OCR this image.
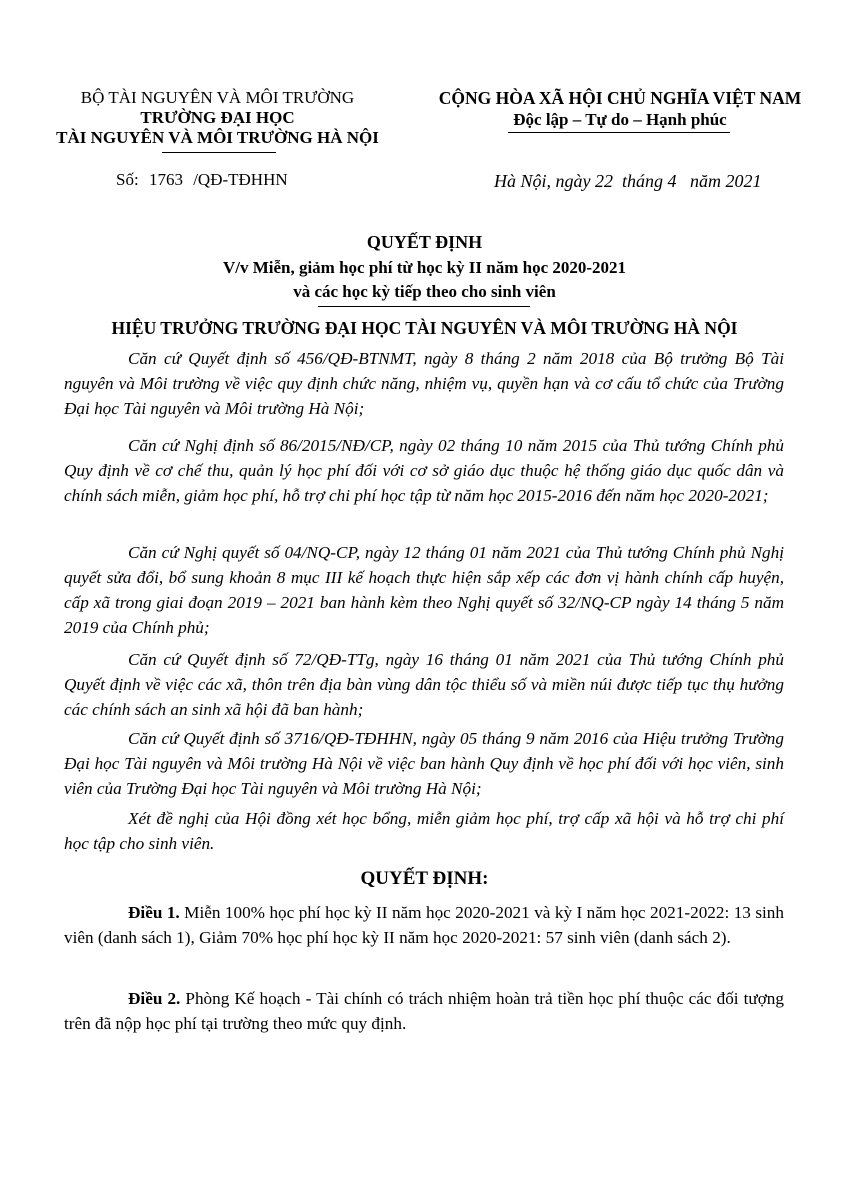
BỘ TÀI NGUYÊN VÀ MÔI TRƯỜNG
TRƯỜNG ĐẠI HỌC
TÀI NGUYÊN VÀ MÔI TRƯỜNG HÀ NỘI
CỘNG HÒA XÃ HỘI CHỦ NGHĨA VIỆT NAM
Độc lập – Tự do – Hạnh phúc
Số: 1763 /QĐ-TĐHHN	Hà Nội, ngày 22  tháng 4   năm 2021
QUYẾT ĐỊNH
V/v Miễn, giảm học phí từ học kỳ II năm học 2020-2021
và các học kỳ tiếp theo cho sinh viên
HIỆU TRƯỞNG TRƯỜNG ĐẠI HỌC TÀI NGUYÊN VÀ MÔI TRƯỜNG HÀ NỘI
Căn cứ Quyết định số 456/QĐ-BTNMT, ngày 8 tháng 2 năm 2018 của Bộ trưởng Bộ Tài nguyên và Môi trường về việc quy định chức năng, nhiệm vụ, quyền hạn và cơ cấu tổ chức của Trường Đại học Tài nguyên và Môi trường Hà Nội;
Căn cứ Nghị định số 86/2015/NĐ/CP, ngày 02 tháng 10 năm 2015 của Thủ tướng Chính phủ Quy định về cơ chế thu, quản lý học phí đối với cơ sở giáo dục thuộc hệ thống giáo dục quốc dân và chính sách miễn, giảm học phí, hỗ trợ chi phí học tập từ năm học 2015-2016 đến năm học 2020-2021;
Căn cứ Nghị quyết số 04/NQ-CP, ngày 12 tháng 01 năm 2021 của Thủ tướng Chính phủ Nghị quyết sửa đổi, bổ sung khoản 8 mục III kế hoạch thực hiện sắp xếp các đơn vị hành chính cấp huyện, cấp xã trong giai đoạn 2019 – 2021 ban hành kèm theo Nghị quyết số 32/NQ-CP ngày 14 tháng 5 năm 2019 của Chính phủ;
Căn cứ Quyết định số 72/QĐ-TTg, ngày 16 tháng 01 năm 2021 của Thủ tướng Chính phủ Quyết định về việc các xã, thôn trên địa bàn vùng dân tộc thiểu số và miền núi được tiếp tục thụ hưởng các chính sách an sinh xã hội đã ban hành;
Căn cứ Quyết định số 3716/QĐ-TĐHHN, ngày 05 tháng 9 năm 2016 của Hiệu trưởng Trường Đại học Tài nguyên và Môi trường Hà Nội về việc ban hành Quy định về học phí đối với học viên, sinh viên của Trường Đại học Tài nguyên và Môi trường Hà Nội;
Xét đề nghị của Hội đồng xét học bổng, miễn giảm học phí, trợ cấp xã hội và hỗ trợ chi phí học tập cho sinh viên.
QUYẾT ĐỊNH:
Điều 1. Miễn 100% học phí học kỳ II năm học 2020-2021 và kỳ I năm học 2021-2022: 13 sinh viên (danh sách 1), Giảm 70% học phí học kỳ II năm học 2020-2021: 57 sinh viên (danh sách 2).
Điều 2. Phòng Kế hoạch - Tài chính có trách nhiệm hoàn trả tiền học phí thuộc các đối tượng trên đã nộp học phí tại trường theo mức quy định.
